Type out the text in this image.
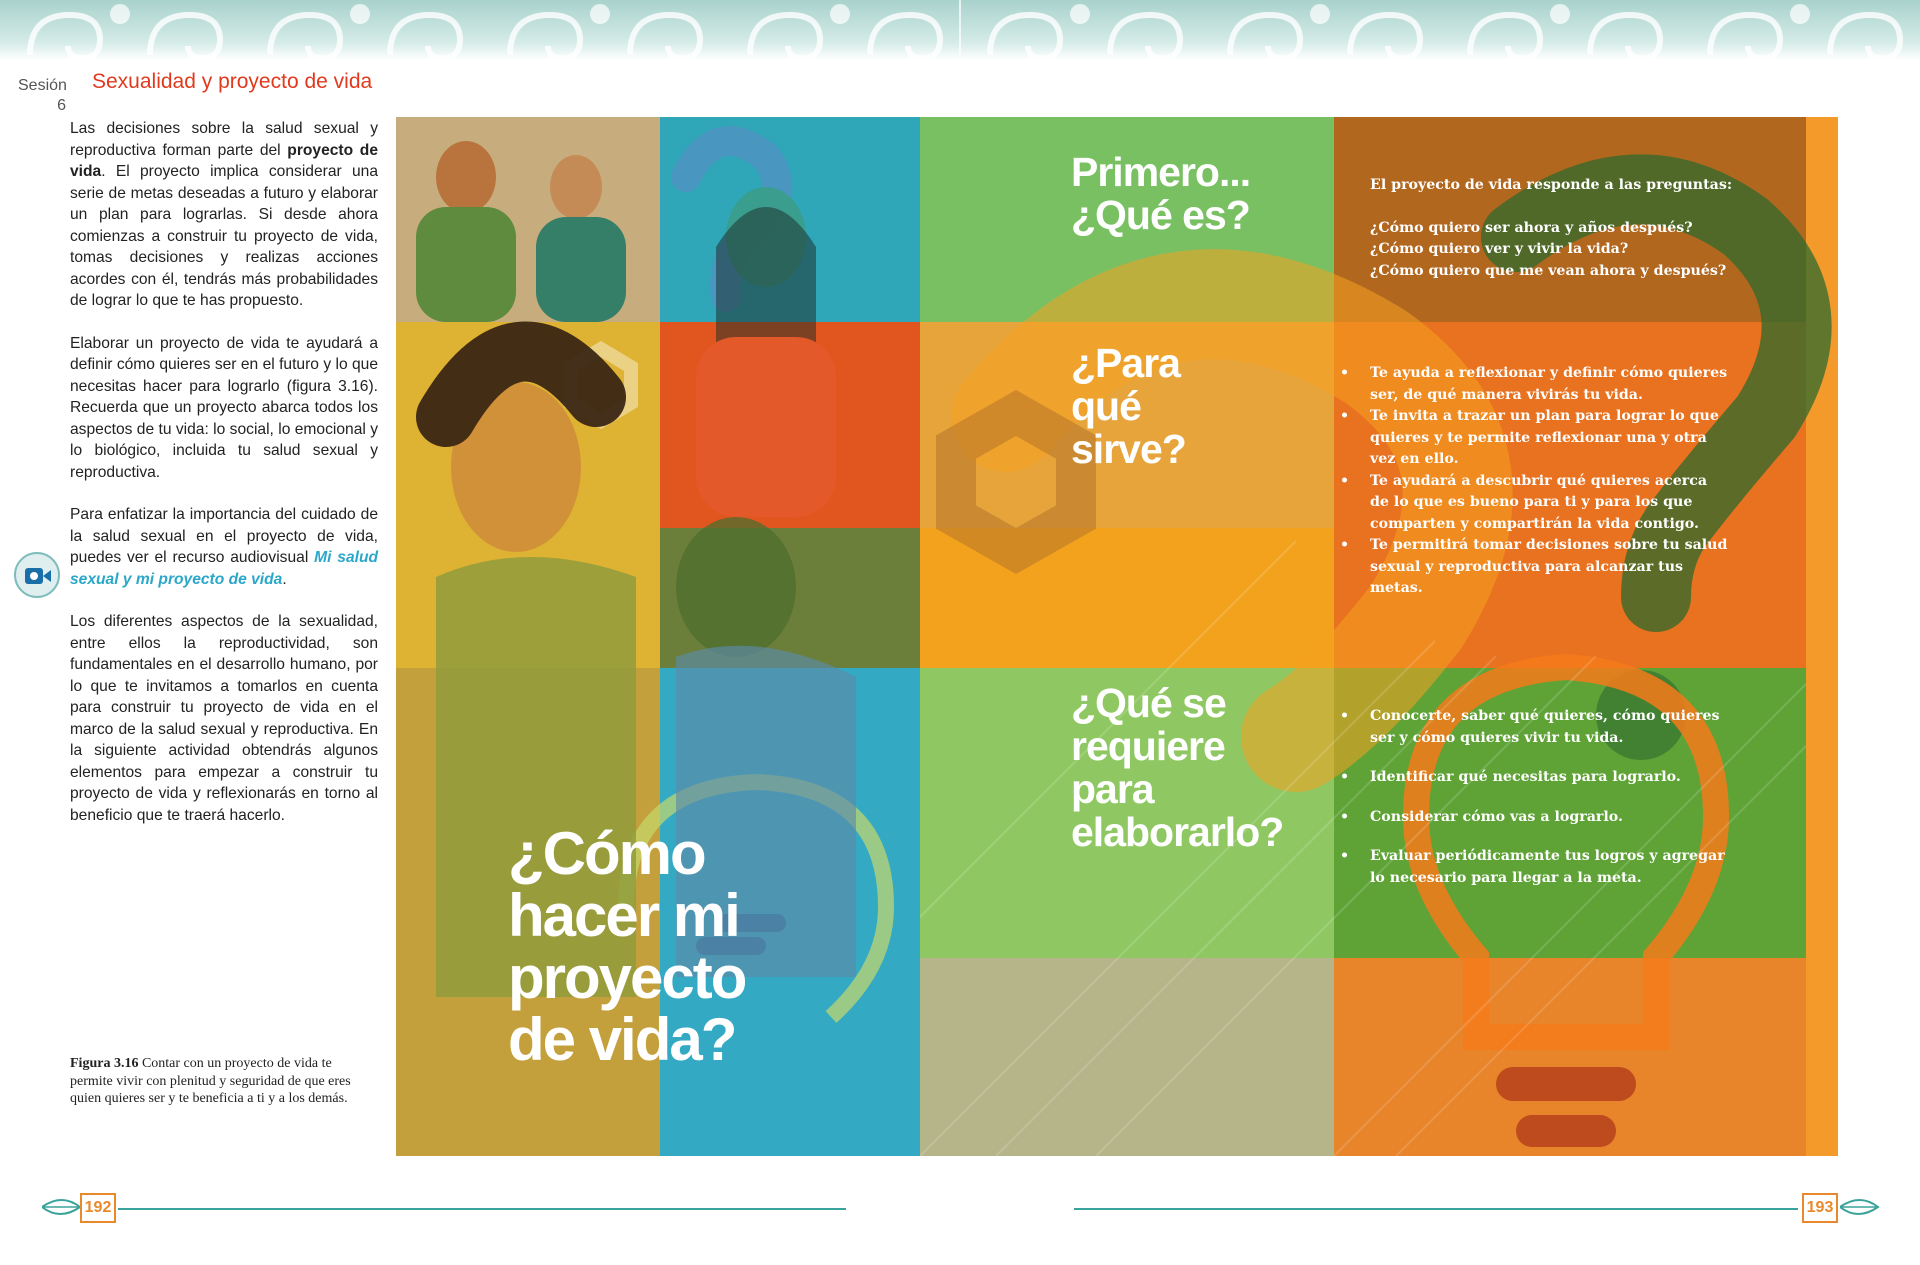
Sesión
6
Sexualidad y proyecto de vida

Las decisiones sobre la salud sexual y reproductiva forman parte del proyecto de vida. El proyecto implica considerar una serie de metas deseadas a futuro y elaborar un plan para lograrlas. Si desde ahora comienzas a construir tu proyecto de vida, tomas decisiones y realizas acciones acordes con él, tendrás más probabilidades de lograr lo que te has propuesto.

Elaborar un proyecto de vida te ayudará a definir cómo quieres ser en el futuro y lo que necesitas hacer para lograrlo (figura 3.16). Recuerda que un proyecto abarca todos los aspectos de tu vida: lo social, lo emocional y lo biológico, incluida tu salud sexual y reproductiva.

Para enfatizar la importancia del cuidado de la salud sexual en el proyecto de vida, puedes ver el recurso audiovisual Mi salud sexual y mi proyecto de vida.

Los diferentes aspectos de la sexualidad, entre ellos la reproductividad, son fundamentales en el desarrollo humano, por lo que te invitamos a tomarlos en cuenta para construir tu proyecto de vida en el marco de la salud sexual y reproductiva. En la siguiente actividad obtendrás algunos elementos para empezar a construir tu proyecto de vida y reflexionarás en torno al beneficio que te traerá hacerlo.

Figura 3.16 Contar con un proyecto de vida te permite vivir con plenitud y seguridad de que eres quien quieres ser y te beneficia a ti y a los demás.
¿Cómo
hacer mi
proyecto
de vida?
Primero...
¿Qué es?

El proyecto de vida responde a las preguntas:

¿Cómo quiero ser ahora y años después?

¿Cómo quiero ver y vivir la vida?

¿Cómo quiero que me vean ahora y después?

¿Para
qué
sirve?
• Te ayuda a reflexionar y definir cómo quieres ser, de qué manera vivirás tu vida.
• Te invita a trazar un plan para lograr lo que quieres y te permite reflexionar una y otra vez en ello.
• Te ayudará a descubrir qué quieres acerca de lo que es bueno para ti y para los que comparten y compartirán la vida contigo.
• Te permitirá tomar decisiones sobre tu salud sexual y reproductiva para alcanzar tus metas.
¿Qué se
requiere
para
elaborarlo?
• Conocerte, saber qué quieres, cómo quieres ser y cómo quieres vivir tu vida.
• Identificar qué necesitas para lograrlo.
• Considerar cómo vas a lograrlo.
• Evaluar periódicamente tus logros y agregar lo necesario para llegar a la meta.
192	193
